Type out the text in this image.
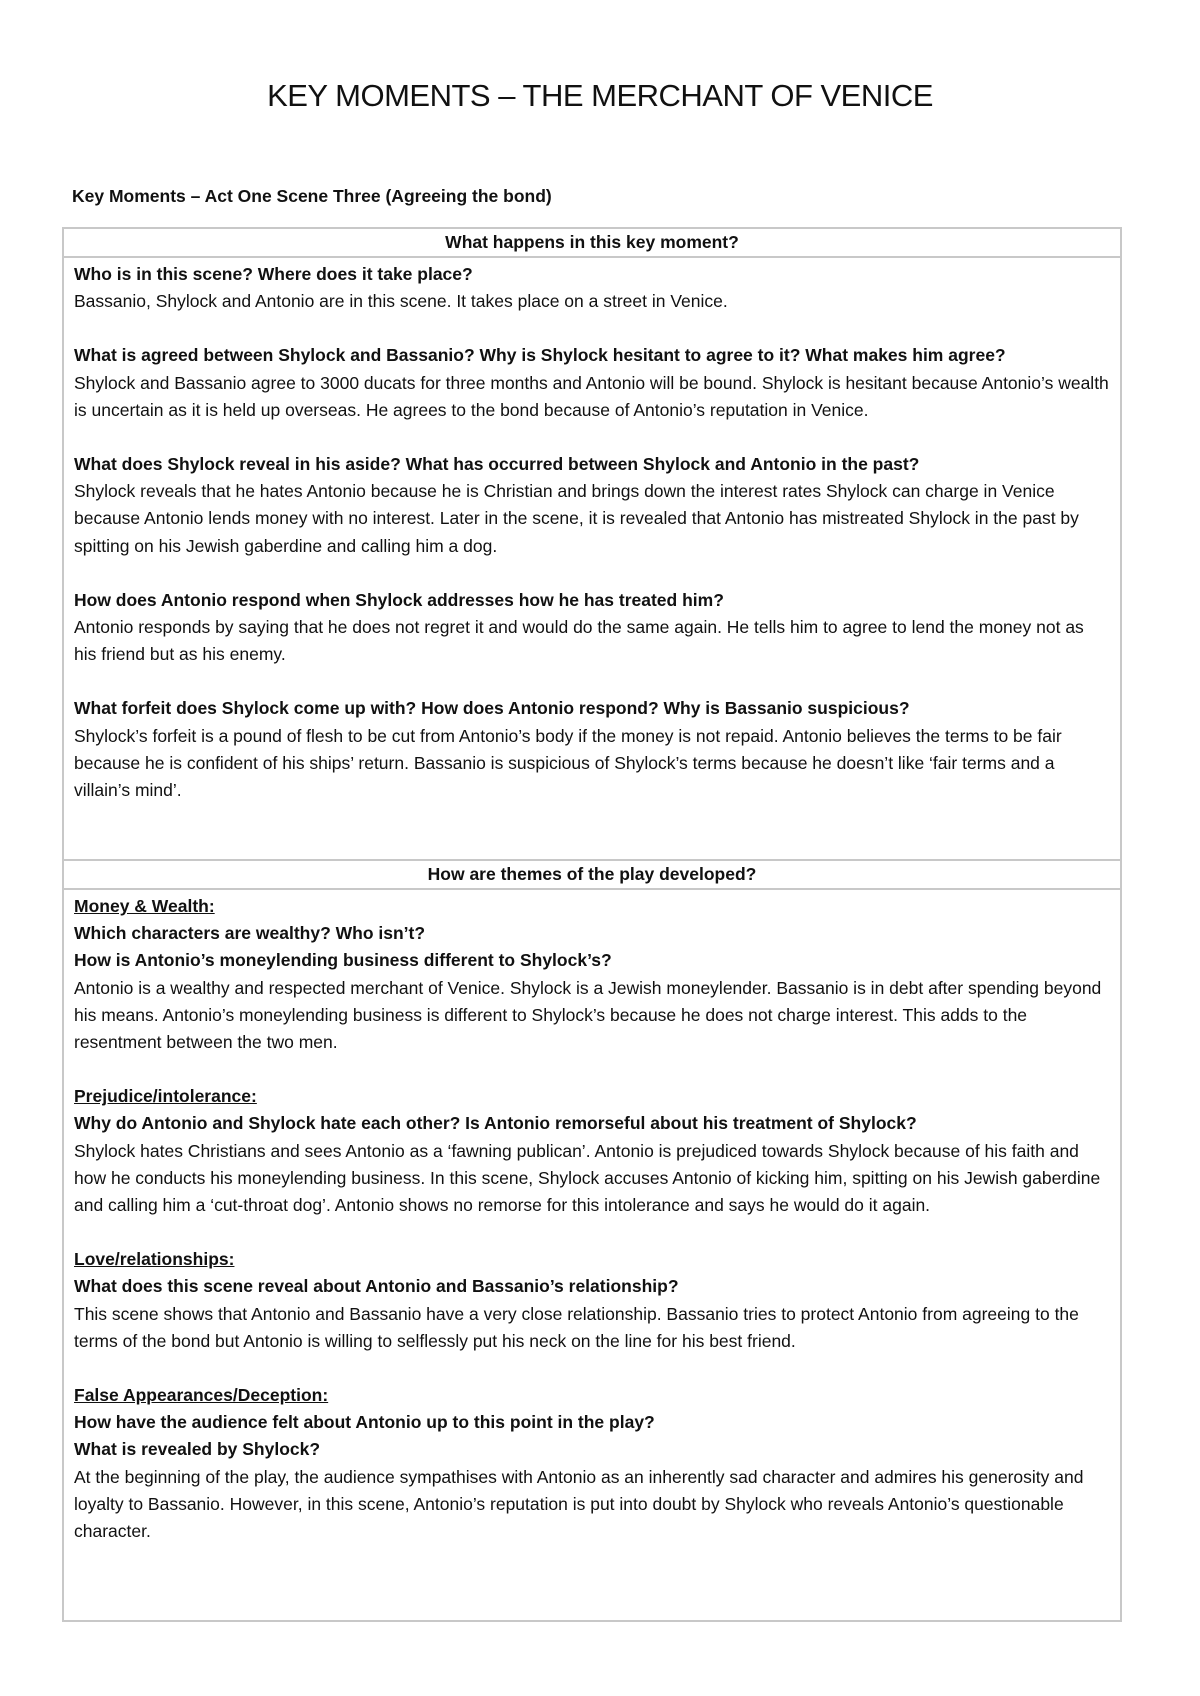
KEY MOMENTS – THE MERCHANT OF VENICE

Key Moments – Act One Scene Three (Agreeing the bond)

What happens in this key moment?

Who is in this scene? Where does it take place?

Bassanio, Shylock and Antonio are in this scene. It takes place on a street in Venice.

What is agreed between Shylock and Bassanio? Why is Shylock hesitant to agree to it? What makes him agree?

Shylock and Bassanio agree to 3000 ducats for three months and Antonio will be bound. Shylock is hesitant because Antonio’s wealth is uncertain as it is held up overseas. He agrees to the bond because of Antonio’s reputation in Venice.

What does Shylock reveal in his aside? What has occurred between Shylock and Antonio in the past?

Shylock reveals that he hates Antonio because he is Christian and brings down the interest rates Shylock can charge in Venice because Antonio lends money with no interest. Later in the scene, it is revealed that Antonio has mistreated Shylock in the past by spitting on his Jewish gaberdine and calling him a dog.

How does Antonio respond when Shylock addresses how he has treated him?

Antonio responds by saying that he does not regret it and would do the same again. He tells him to agree to lend the money not as his friend but as his enemy.

What forfeit does Shylock come up with? How does Antonio respond? Why is Bassanio suspicious?

Shylock’s forfeit is a pound of flesh to be cut from Antonio’s body if the money is not repaid. Antonio believes the terms to be fair because he is confident of his ships’ return. Bassanio is suspicious of Shylock’s terms because he doesn’t like ‘fair terms and a villain’s mind’.

How are themes of the play developed?

Money & Wealth:

Which characters are wealthy? Who isn’t?

How is Antonio’s moneylending business different to Shylock’s?

Antonio is a wealthy and respected merchant of Venice. Shylock is a Jewish moneylender. Bassanio is in debt after spending beyond his means. Antonio’s moneylending business is different to Shylock’s because he does not charge interest. This adds to the resentment between the two men.

Prejudice/intolerance:

Why do Antonio and Shylock hate each other? Is Antonio remorseful about his treatment of Shylock?

Shylock hates Christians and sees Antonio as a ‘fawning publican’. Antonio is prejudiced towards Shylock because of his faith and how he conducts his moneylending business. In this scene, Shylock accuses Antonio of kicking him, spitting on his Jewish gaberdine and calling him a ‘cut-throat dog’. Antonio shows no remorse for this intolerance and says he would do it again.

Love/relationships:

What does this scene reveal about Antonio and Bassanio’s relationship?

This scene shows that Antonio and Bassanio have a very close relationship. Bassanio tries to protect Antonio from agreeing to the terms of the bond but Antonio is willing to selflessly put his neck on the line for his best friend.

False Appearances/Deception:

How have the audience felt about Antonio up to this point in the play?

What is revealed by Shylock?

At the beginning of the play, the audience sympathises with Antonio as an inherently sad character and admires his generosity and loyalty to Bassanio. However, in this scene, Antonio’s reputation is put into doubt by Shylock who reveals Antonio’s questionable character.
